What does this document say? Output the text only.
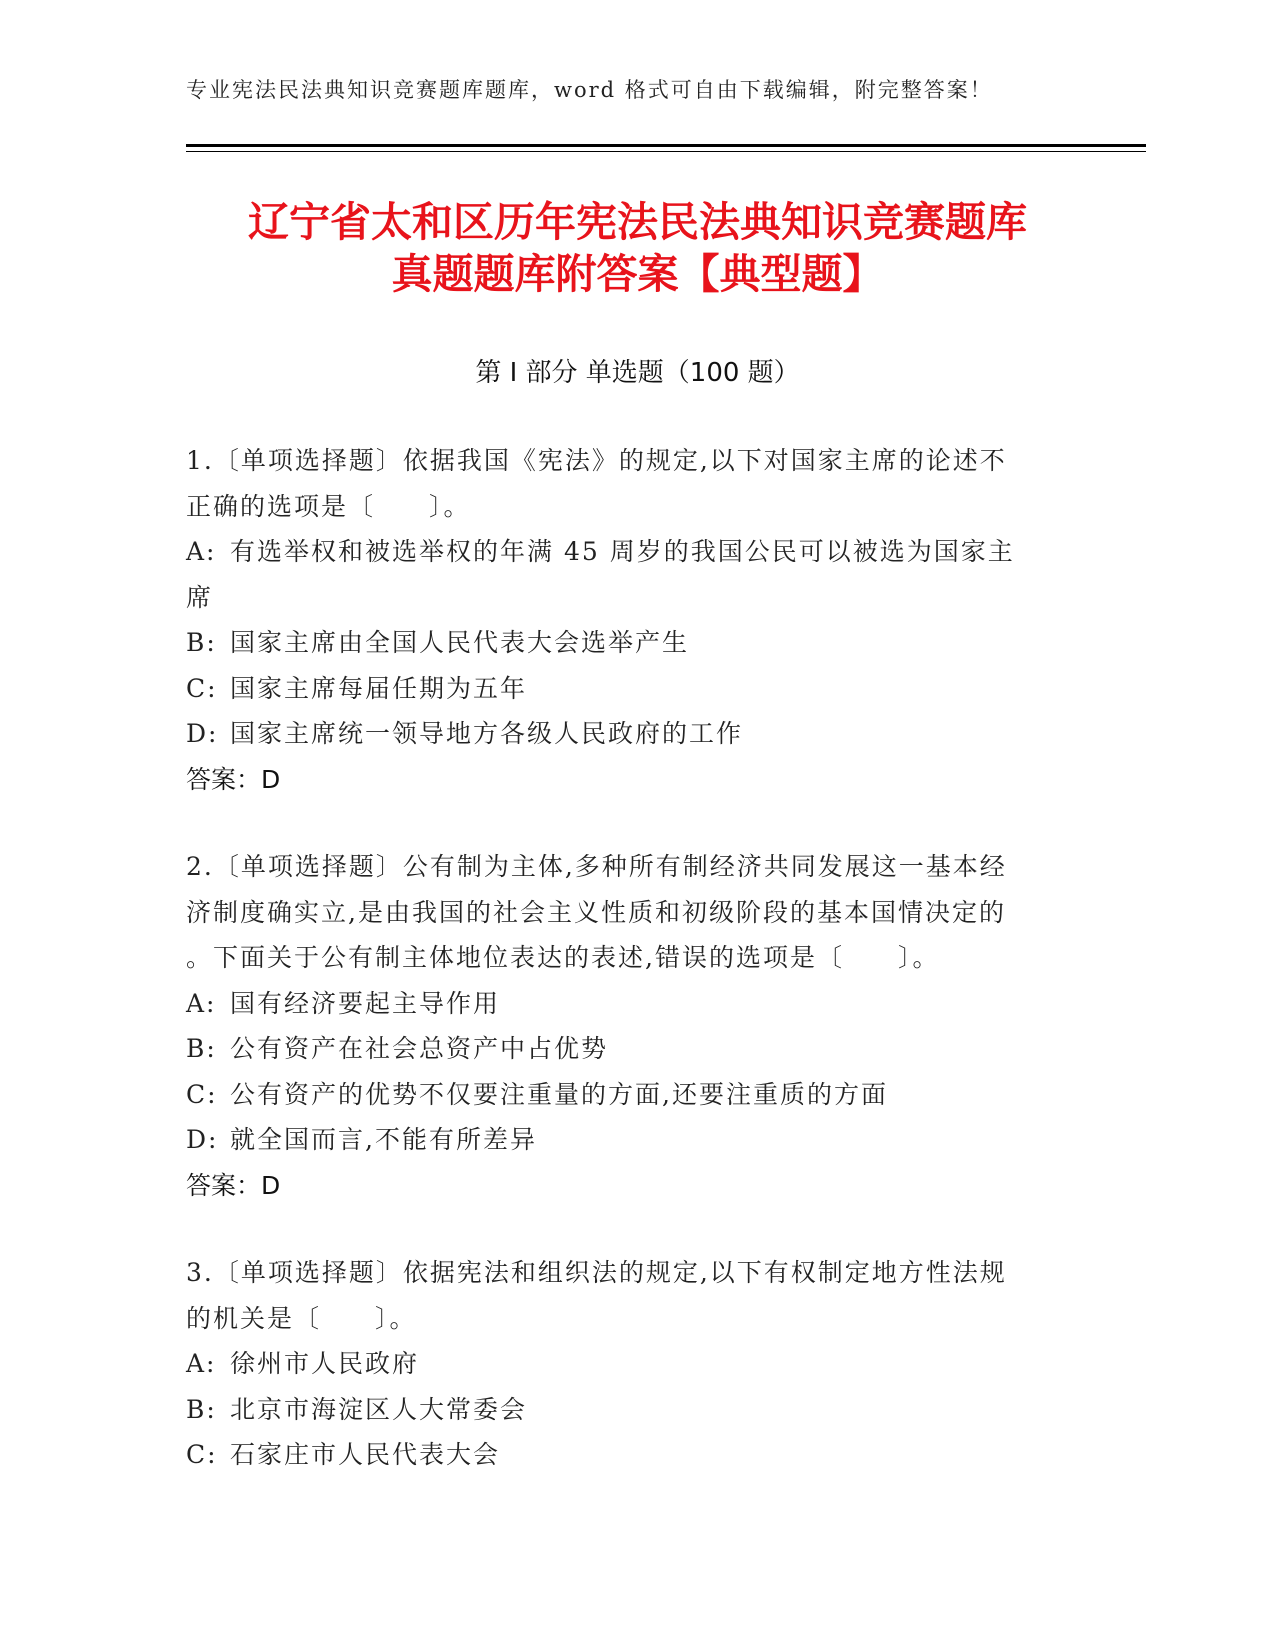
专业宪法民法典知识竞赛题库题库，word 格式可自由下载编辑，附完整答案！
辽宁省太和区历年宪法民法典知识竞赛题库
真题题库附答案【典型题】
第 I 部分 单选题（100 题）
1.〔单项选择题〕依据我国《宪法》的规定,以下对国家主席的论述不
正确的选项是〔　　〕。
A: 有选举权和被选举权的年满 45 周岁的我国公民可以被选为国家主
席
B: 国家主席由全国人民代表大会选举产生
C: 国家主席每届任期为五年
D: 国家主席统一领导地方各级人民政府的工作
答案：D
2.〔单项选择题〕公有制为主体,多种所有制经济共同发展这一基本经
济制度确实立,是由我国的社会主义性质和初级阶段的基本国情决定的
。下面关于公有制主体地位表达的表述,错误的选项是〔　　〕。
A: 国有经济要起主导作用
B: 公有资产在社会总资产中占优势
C: 公有资产的优势不仅要注重量的方面,还要注重质的方面
D: 就全国而言,不能有所差异
答案：D
3.〔单项选择题〕依据宪法和组织法的规定,以下有权制定地方性法规
的机关是〔　　〕。
A: 徐州市人民政府
B: 北京市海淀区人大常委会
C: 石家庄市人民代表大会
